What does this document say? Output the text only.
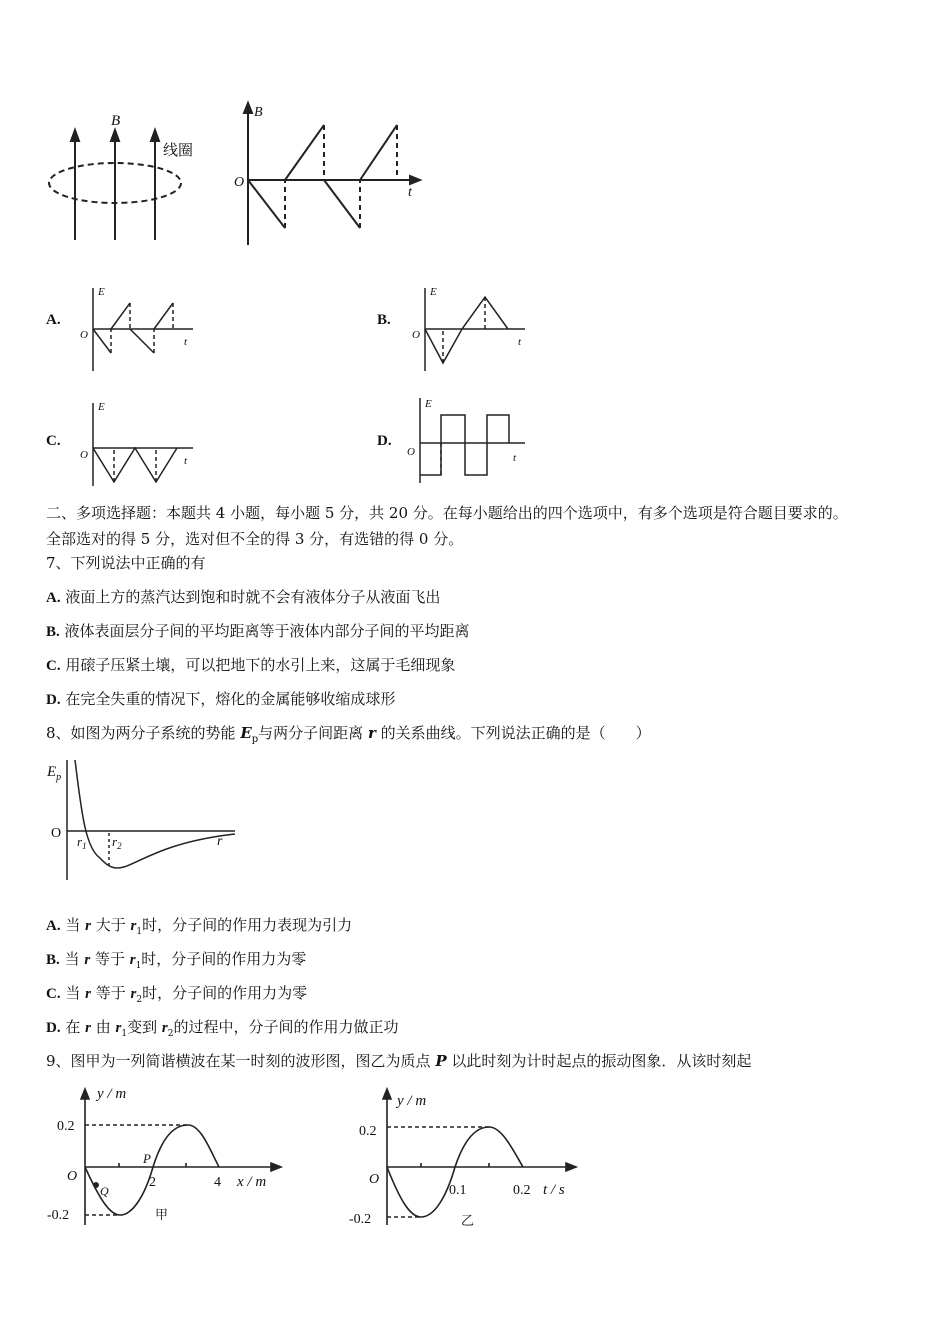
B
线圈
B
O
t
A.
E
O
t
B.
E
O
t
C.
E
O	t
D.
E
O	t
二、多项选择题：本题共 4 小题，每小题 5 分，共 20 分。在每小题给出的四个选项中，有多个选项是符合题目要求的。
全部选对的得 5 分，选对但不全的得 3 分，有选错的得 0 分。
7、下列说法中正确的有
A. 液面上方的蒸汽达到饱和时就不会有液体分子从液面飞出
B. 液体表面层分子间的平均距离等于液体内部分子间的平均距离
C. 用磙子压紧土壤，可以把地下的水引上来，这属于毛细现象
D. 在完全失重的情况下，熔化的金属能够收缩成球形
8、如图为两分子系统的势能 $E_p$与两分子间距离 r 的关系曲线。下列说法正确的是（　　）
$E_p$
O
$r_1$ $r_2$	r
A. 当 r 大于 $r_1$时，分子间的作用力表现为引力
B. 当 r 等于 $r_1$时，分子间的作用力为零
C. 当 r 等于 $r_2$时，分子间的作用力为零
D. 在 r 由 $r_1$变到 $r_2$的过程中，分子间的作用力做正功
9、图甲为一列简谐横波在某一时刻的波形图，图乙为质点 P 以此时刻为计时起点的振动图象．从该时刻起
y / m
0.2
-0.2
O	2	4
P
Q
x / m
甲
y / m
0.2
-0.2
O
0.1	0.2 t / s
乙
